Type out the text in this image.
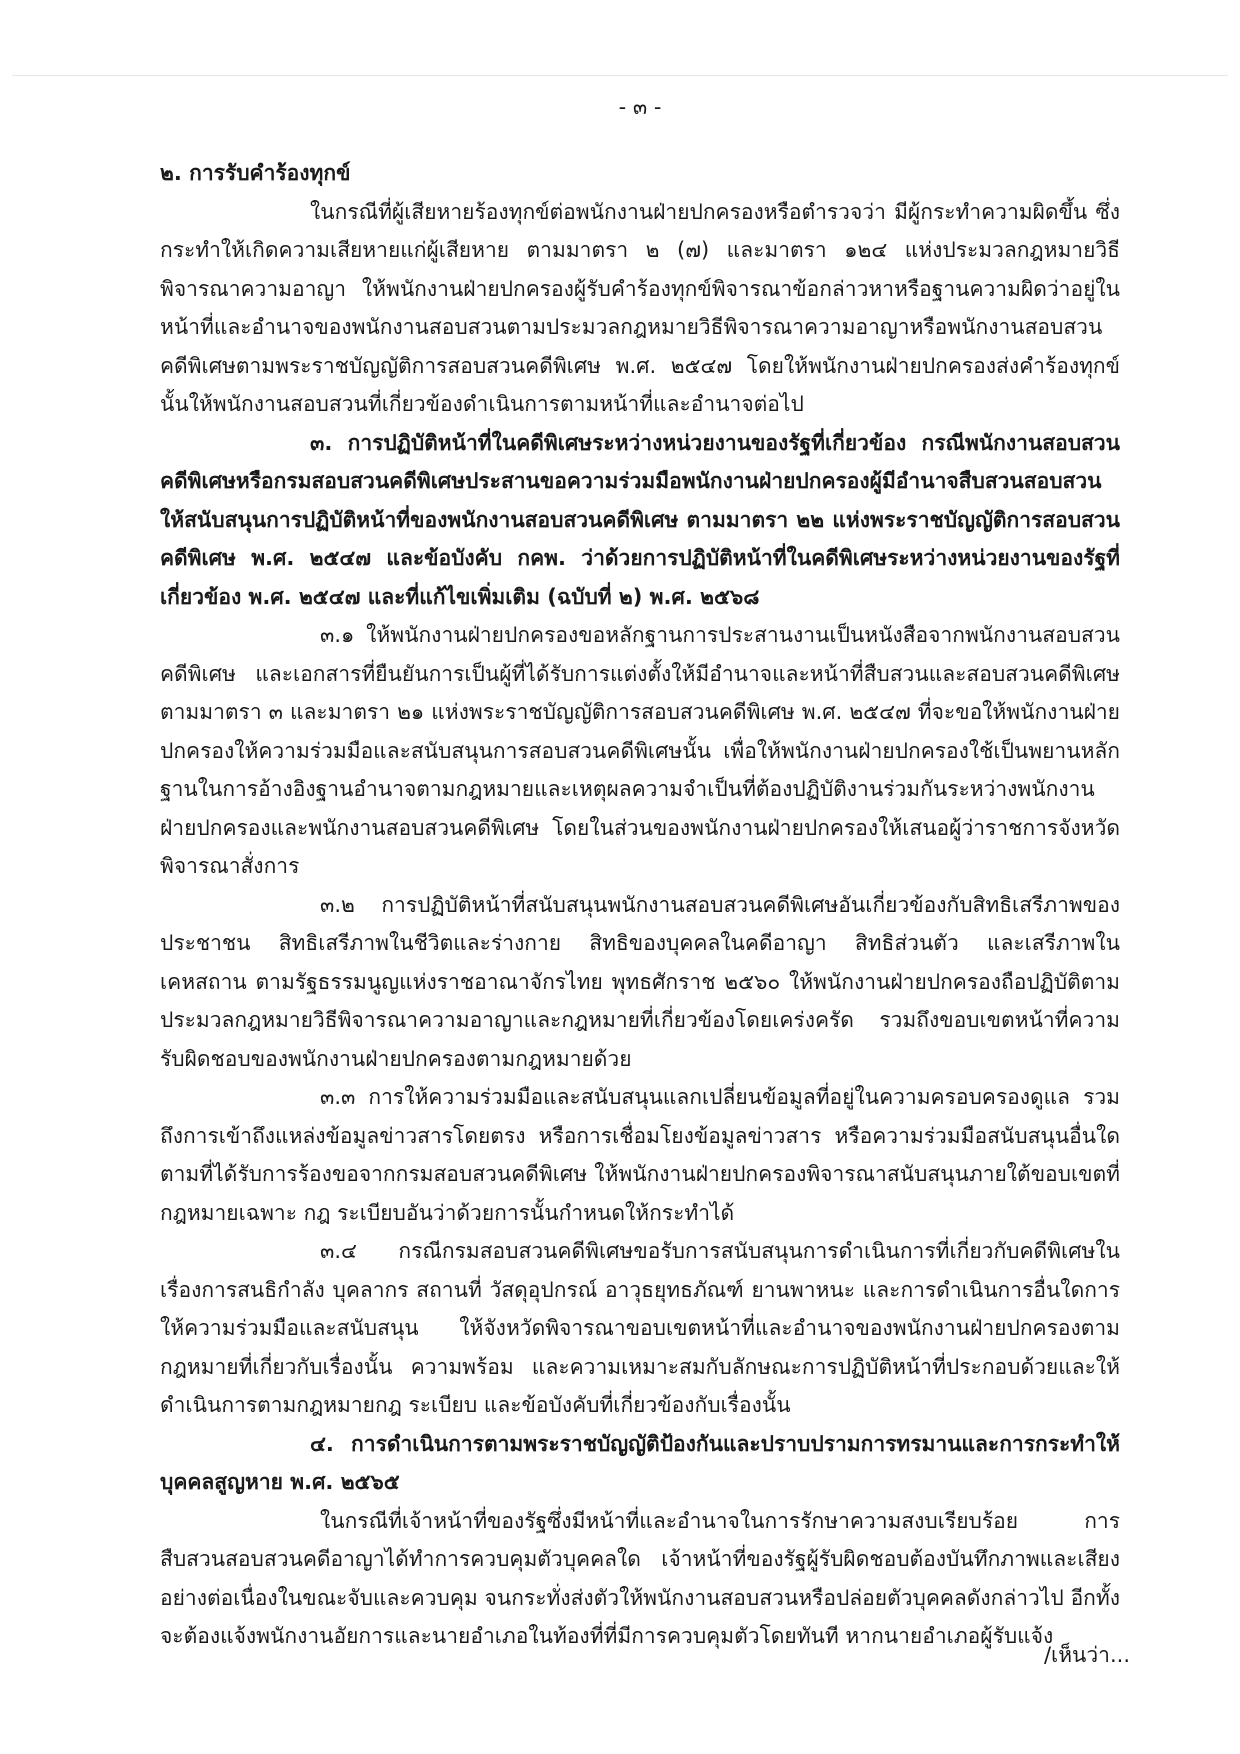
- ๓ -
๒. การรับคำร้องทุกข์

ในกรณีที่ผู้เสียหายร้องทุกข์ต่อพนักงานฝ่ายปกครองหรือตำรวจว่า มีผู้กระทำความผิดขึ้น ซึ่งกระทำให้เกิดความเสียหายแก่ผู้เสียหาย ตามมาตรา ๒ (๗) และมาตรา ๑๒๔ แห่งประมวลกฎหมายวิธีพิจารณาความอาญา ให้พนักงานฝ่ายปกครองผู้รับคำร้องทุกข์พิจารณาข้อกล่าวหาหรือฐานความผิดว่าอยู่ในหน้าที่และอำนาจของพนักงานสอบสวนตามประมวลกฎหมายวิธีพิจารณาความอาญาหรือพนักงานสอบสวนคดีพิเศษตามพระราชบัญญัติการสอบสวนคดีพิเศษ พ.ศ. ๒๕๔๗ โดยให้พนักงานฝ่ายปกครองส่งคำร้องทุกข์นั้นให้พนักงานสอบสวนที่เกี่ยวข้องดำเนินการตามหน้าที่และอำนาจต่อไป

๓. การปฏิบัติหน้าที่ในคดีพิเศษระหว่างหน่วยงานของรัฐที่เกี่ยวข้อง กรณีพนักงานสอบสวนคดีพิเศษหรือกรมสอบสวนคดีพิเศษประสานขอความร่วมมือพนักงานฝ่ายปกครองผู้มีอำนาจสืบสวนสอบสวน ให้สนับสนุนการปฏิบัติหน้าที่ของพนักงานสอบสวนคดีพิเศษ ตามมาตรา ๒๒ แห่งพระราชบัญญัติการสอบสวนคดีพิเศษ พ.ศ. ๒๕๔๗ และข้อบังคับ กคพ. ว่าด้วยการปฏิบัติหน้าที่ในคดีพิเศษระหว่างหน่วยงานของรัฐที่เกี่ยวข้อง พ.ศ. ๒๕๔๗ และที่แก้ไขเพิ่มเติม (ฉบับที่ ๒) พ.ศ. ๒๕๖๘

๓.๑ ให้พนักงานฝ่ายปกครองขอหลักฐานการประสานงานเป็นหนังสือจากพนักงานสอบสวนคดีพิเศษ และเอกสารที่ยืนยันการเป็นผู้ที่ได้รับการแต่งตั้งให้มีอำนาจและหน้าที่สืบสวนและสอบสวนคดีพิเศษตามมาตรา ๓ และมาตรา ๒๑ แห่งพระราชบัญญัติการสอบสวนคดีพิเศษ พ.ศ. ๒๕๔๗ ที่จะขอให้พนักงานฝ่ายปกครองให้ความร่วมมือและสนับสนุนการสอบสวนคดีพิเศษนั้น เพื่อให้พนักงานฝ่ายปกครองใช้เป็นพยานหลักฐานในการอ้างอิงฐานอำนาจตามกฎหมายและเหตุผลความจำเป็นที่ต้องปฏิบัติงานร่วมกันระหว่างพนักงานฝ่ายปกครองและพนักงานสอบสวนคดีพิเศษ โดยในส่วนของพนักงานฝ่ายปกครองให้เสนอผู้ว่าราชการจังหวัดพิจารณาสั่งการ

๓.๒ การปฏิบัติหน้าที่สนับสนุนพนักงานสอบสวนคดีพิเศษอันเกี่ยวข้องกับสิทธิเสรีภาพของประชาชน สิทธิเสรีภาพในชีวิตและร่างกาย สิทธิของบุคคลในคดีอาญา สิทธิส่วนตัว และเสรีภาพในเคหสถาน ตามรัฐธรรมนูญแห่งราชอาณาจักรไทย พุทธศักราช ๒๕๖๐ ให้พนักงานฝ่ายปกครองถือปฏิบัติตามประมวลกฎหมายวิธีพิจารณาความอาญาและกฎหมายที่เกี่ยวข้องโดยเคร่งครัด รวมถึงขอบเขตหน้าที่ความรับผิดชอบของพนักงานฝ่ายปกครองตามกฎหมายด้วย

๓.๓ การให้ความร่วมมือและสนับสนุนแลกเปลี่ยนข้อมูลที่อยู่ในความครอบครองดูแล รวมถึงการเข้าถึงแหล่งข้อมูลข่าวสารโดยตรง หรือการเชื่อมโยงข้อมูลข่าวสาร หรือความร่วมมือสนับสนุนอื่นใดตามที่ได้รับการร้องขอจากกรมสอบสวนคดีพิเศษ ให้พนักงานฝ่ายปกครองพิจารณาสนับสนุนภายใต้ขอบเขตที่กฎหมายเฉพาะ กฎ ระเบียบอันว่าด้วยการนั้นกำหนดให้กระทำได้

๓.๔ กรณีกรมสอบสวนคดีพิเศษขอรับการสนับสนุนการดำเนินการที่เกี่ยวกับคดีพิเศษในเรื่องการสนธิกำลัง บุคลากร สถานที่ วัสดุอุปกรณ์ อาวุธยุทธภัณฑ์ ยานพาหนะ และการดำเนินการอื่นใดการให้ความร่วมมือและสนับสนุน ให้จังหวัดพิจารณาขอบเขตหน้าที่และอำนาจของพนักงานฝ่ายปกครองตามกฎหมายที่เกี่ยวกับเรื่องนั้น ความพร้อม และความเหมาะสมกับลักษณะการปฏิบัติหน้าที่ประกอบด้วยและให้ดำเนินการตามกฎหมายกฎ ระเบียบ และข้อบังคับที่เกี่ยวข้องกับเรื่องนั้น

๔. การดำเนินการตามพระราชบัญญัติป้องกันและปราบปรามการทรมานและการกระทำให้บุคคลสูญหาย พ.ศ. ๒๕๖๕

ในกรณีที่เจ้าหน้าที่ของรัฐซึ่งมีหน้าที่และอำนาจในการรักษาความสงบเรียบร้อย การสืบสวนสอบสวนคดีอาญาได้ทำการควบคุมตัวบุคคลใด เจ้าหน้าที่ของรัฐผู้รับผิดชอบต้องบันทึกภาพและเสียงอย่างต่อเนื่องในขณะจับและควบคุม จนกระทั่งส่งตัวให้พนักงานสอบสวนหรือปล่อยตัวบุคคลดังกล่าวไป อีกทั้งจะต้องแจ้งพนักงานอัยการและนายอำเภอในท้องที่ที่มีการควบคุมตัวโดยทันที หากนายอำเภอผู้รับแจ้ง

/เห็นว่า...
